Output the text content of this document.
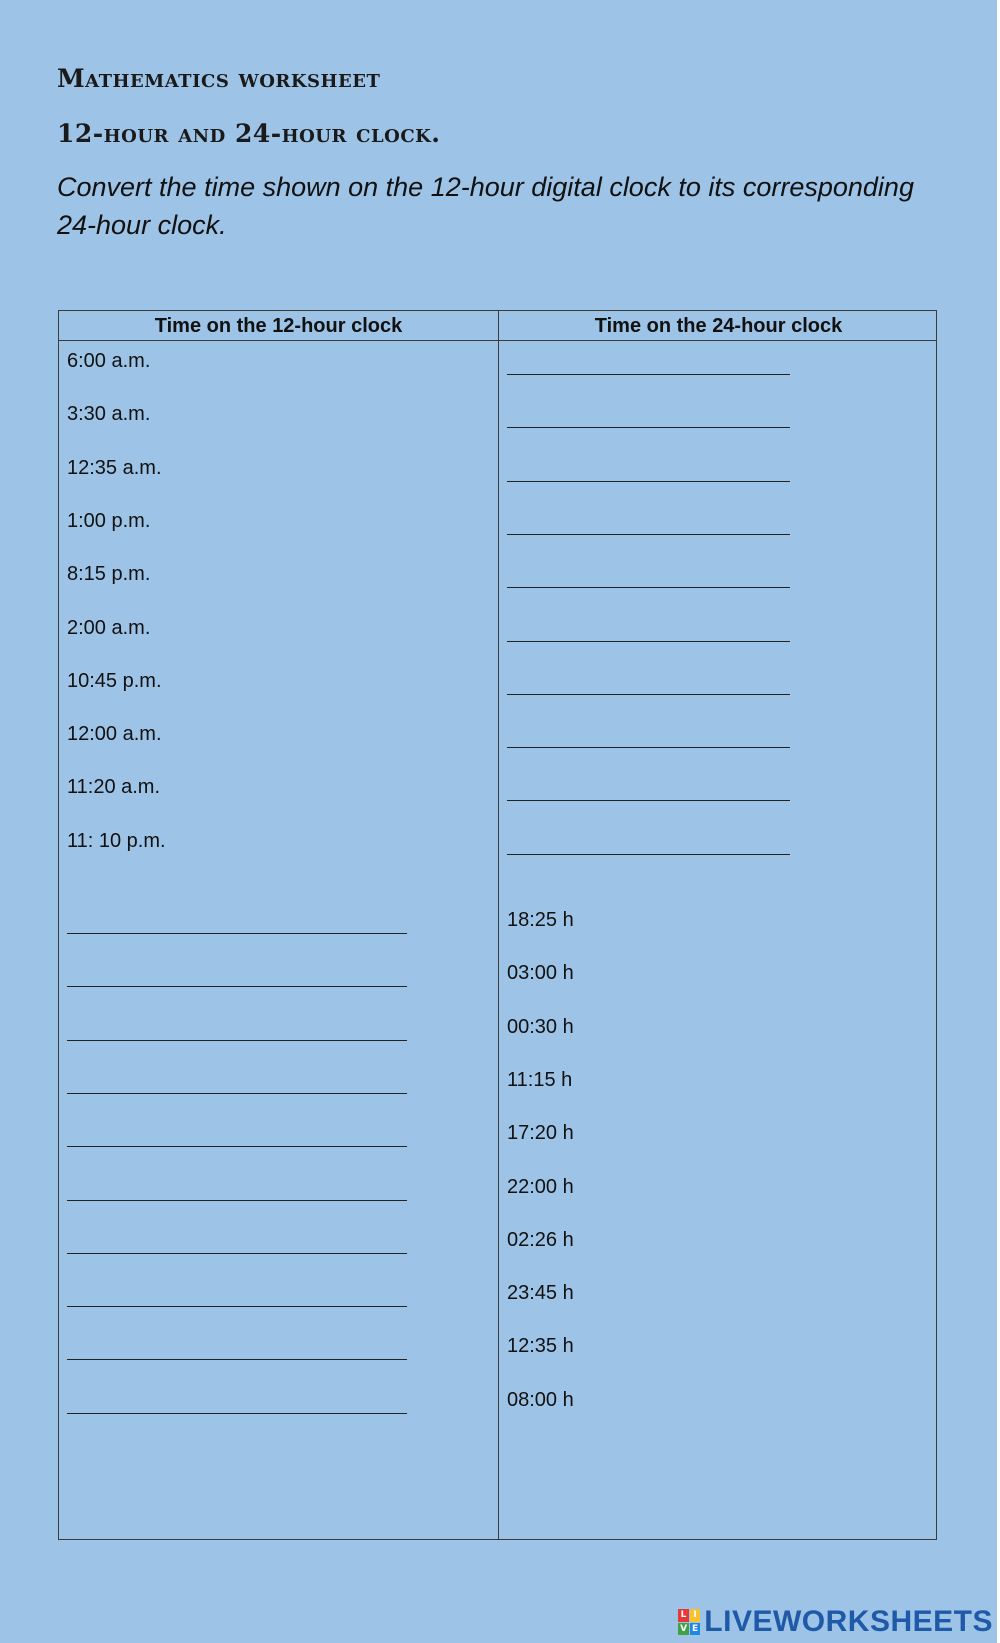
Mathematics worksheet
12-hour and 24-hour clock.
Convert the time shown on the 12-hour digital clock to its corresponding 24-hour clock.
Time on the 12-hour clock	Time on the 24-hour clock
6:00 a.m.
3:30 a.m.
12:35 a.m.
1:00 p.m.
8:15 p.m.
2:00 a.m.
10:45 p.m.
12:00 a.m.
11:20 a.m.
11: 10 p.m.
18:25 h
03:00 h
00:30 h
11:15 h
17:20 h
22:00 h
02:26 h
23:45 h
12:35 h
08:00 h
L I
V E LIVEWORKSHEETS
